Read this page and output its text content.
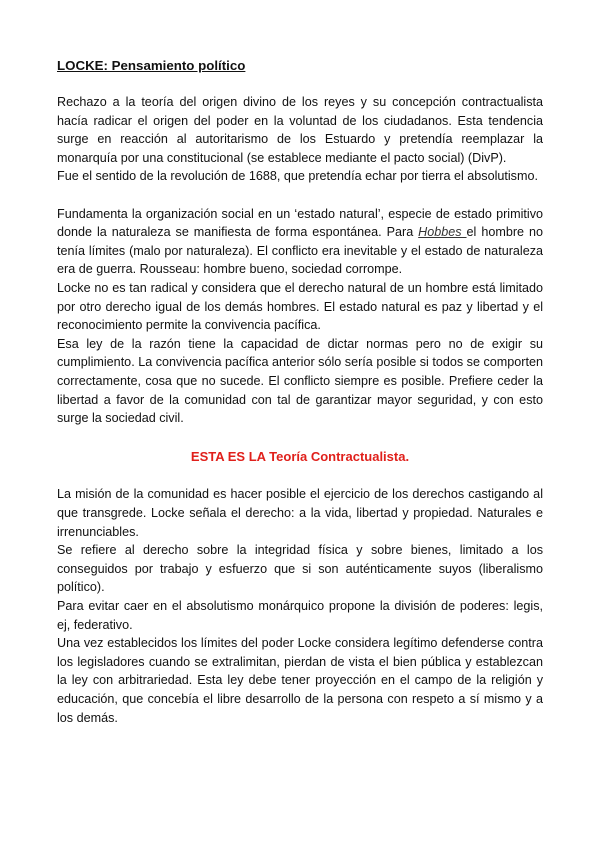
LOCKE: Pensamiento político

Rechazo a la teoría del origen divino de los reyes y su concepción contractualista hacía radicar el origen del poder en la voluntad de los ciudadanos. Esta tendencia surge en reacción al autoritarismo de los Estuardo y pretendía reemplazar la monarquía por una constitucional (se establece mediante el pacto social) (DivP).

Fue el sentido de la revolución de 1688, que pretendía echar por tierra el absolutismo.

Fundamenta la organización social en un ‘estado natural’, especie de estado primitivo donde la naturaleza se manifiesta de forma espontánea. Para Hobbes el hombre no tenía límites (malo por naturaleza). El conflicto era inevitable y el estado de naturaleza era de guerra. Rousseau: hombre bueno, sociedad corrompe.

Locke no es tan radical y considera que el derecho natural de un hombre está limitado por otro derecho igual de los demás hombres. El estado natural es paz y libertad y el reconocimiento permite la convivencia pacífica.

Esa ley de la razón tiene la capacidad de dictar normas pero no de exigir su cumplimiento. La convivencia pacífica anterior sólo sería posible si todos se comporten correctamente, cosa que no sucede. El conflicto siempre es posible. Prefiere ceder la libertad a favor de la comunidad con tal de garantizar mayor seguridad, y con esto surge la sociedad civil.

ESTA ES LA Teoría Contractualista.

La misión de la comunidad es hacer posible el ejercicio de los derechos castigando al que transgrede. Locke señala el derecho: a la vida, libertad y propiedad. Naturales e irrenunciables.

Se refiere al derecho sobre la integridad física y sobre bienes, limitado a los conseguidos por trabajo y esfuerzo que si son auténticamente suyos (liberalismo político).

Para evitar caer en el absolutismo monárquico propone la división de poderes: legis, ej, federativo.

Una vez establecidos los límites del poder Locke considera legítimo defenderse contra los legisladores cuando se extralimitan, pierdan de vista el bien pública y establezcan la ley con arbitrariedad. Esta ley debe tener proyección en el campo de la religión y educación, que concebía el libre desarrollo de la persona con respeto a sí mismo y a los demás.
